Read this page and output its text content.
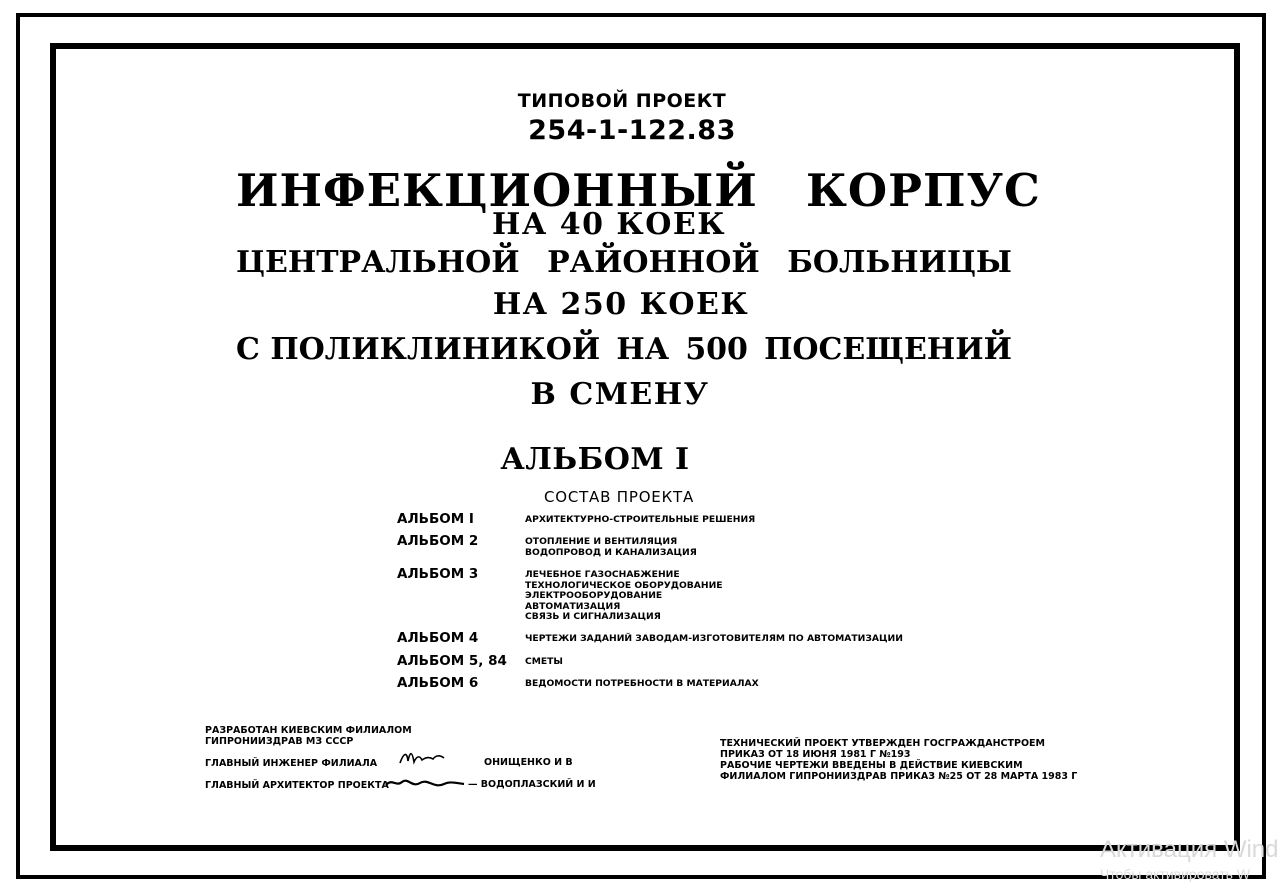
ТИПОВОЙ ПРОЕКТ
254-1-122.83
ИНФЕКЦИОННЫЙ КОРПУС
НА 40 КОЕК
ЦЕНТРАЛЬНОЙ РАЙОННОЙ БОЛЬНИЦЫ
НА 250 КОЕК
С ПОЛИКЛИНИКОЙ НА 500 ПОСЕЩЕНИЙ
В СМЕНУ
АЛЬБОМ I
СОСТАВ ПРОЕКТА
АЛЬБОМ I	АРХИТЕКТУРНО-СТРОИТЕЛЬНЫЕ РЕШЕНИЯ
АЛЬБОМ 2	ОТОПЛЕНИЕ И ВЕНТИЛЯЦИЯ
ВОДОПРОВОД И КАНАЛИЗАЦИЯ
АЛЬБОМ 3	ЛЕЧЕБНОЕ ГАЗОСНАБЖЕНИЕ
ТЕХНОЛОГИЧЕСКОЕ ОБОРУДОВАНИЕ
ЭЛЕКТРООБОРУДОВАНИЕ
АВТОМАТИЗАЦИЯ
СВЯЗЬ И СИГНАЛИЗАЦИЯ
АЛЬБОМ 4	ЧЕРТЕЖИ ЗАДАНИЙ ЗАВОДАМ-ИЗГОТОВИТЕЛЯМ ПО АВТОМАТИЗАЦИИ
АЛЬБОМ 5, 84 СМЕТЫ
АЛЬБОМ 6	ВЕДОМОСТИ ПОТРЕБНОСТИ В МАТЕРИАЛАХ
РАЗРАБОТАН КИЕВСКИМ ФИЛИАЛОМ
ГИПРОНИИЗДРАВ МЗ СССР
ГЛАВНЫЙ ИНЖЕНЕР ФИЛИАЛА	ОНИЩЕНКО И В
ГЛАВНЫЙ АРХИТЕКТОР ПРОЕКТА	— ВОДОПЛАЗСКИЙ И И
ТЕХНИЧЕСКИЙ ПРОЕКТ УТВЕРЖДЕН ГОСГРАЖДАНСТРОЕМ
ПРИКАЗ ОТ 18 ИЮНЯ 1981 Г №193
РАБОЧИЕ ЧЕРТЕЖИ ВВЕДЕНЫ В ДЕЙСТВИЕ КИЕВСКИМ
ФИЛИАЛОМ ГИПРОНИИЗДРАВ ПРИКАЗ №25 ОТ 28 МАРТА 1983 Г
Активация Wind
Чтобы активировать W
